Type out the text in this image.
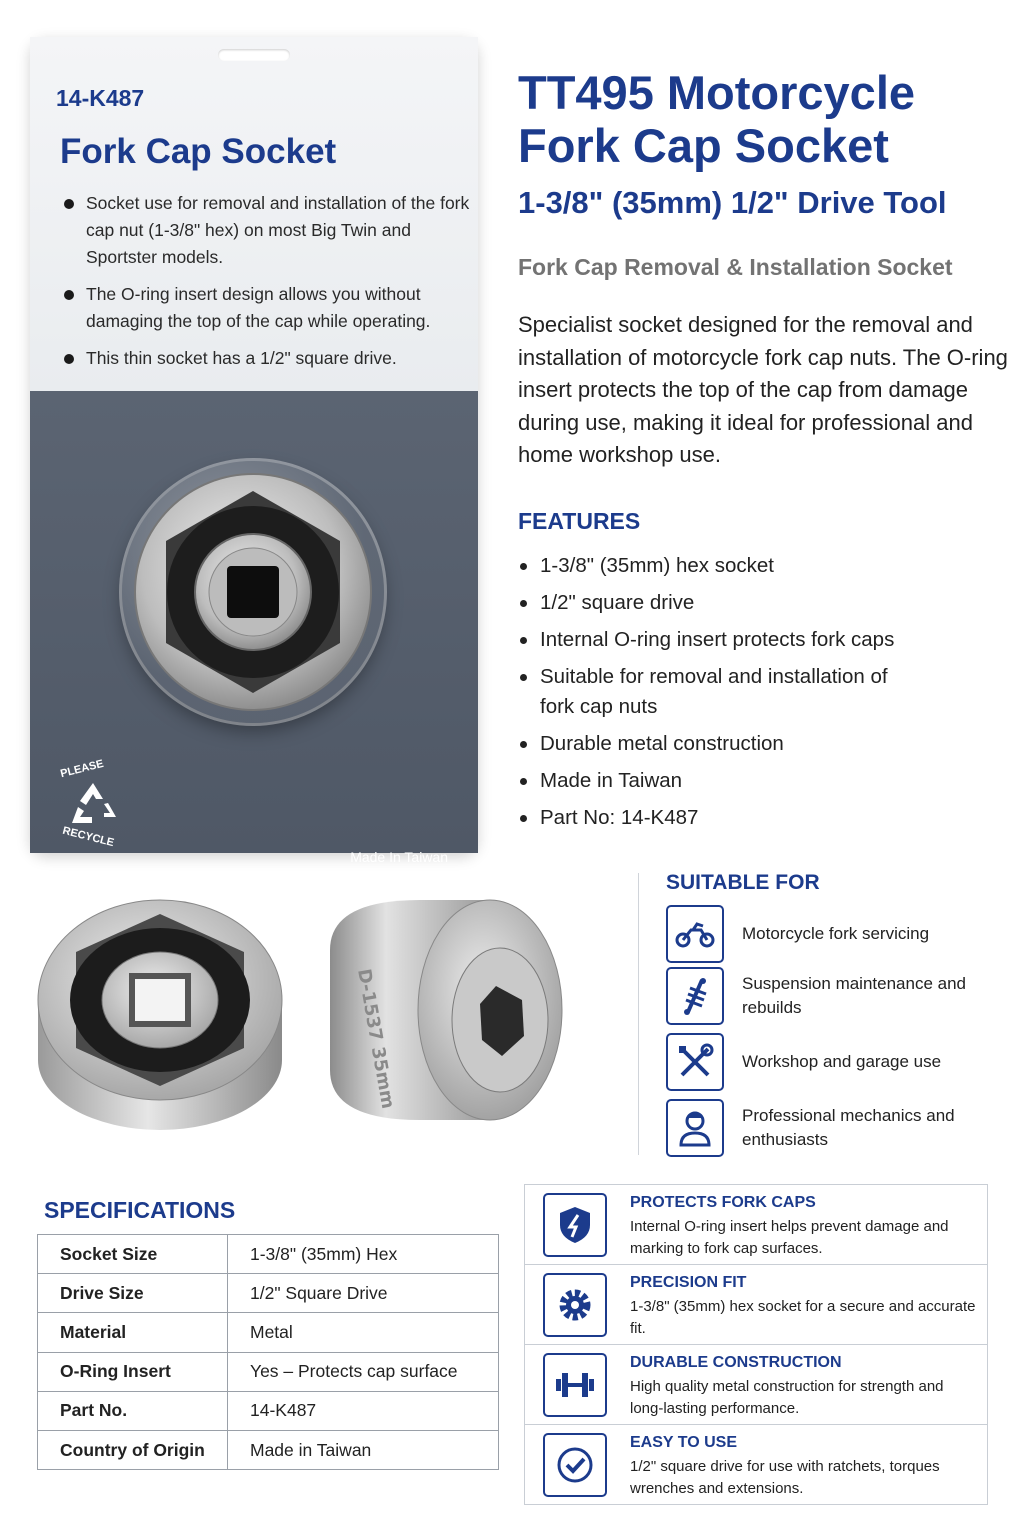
14-K487
Fork Cap Socket
Socket use for removal and installation of the fork cap nut (1-3/8" hex) on most Big Twin and Sportster models.
The O-ring insert design allows you without damaging the top of the cap while operating.
This thin socket has a 1/2" square drive.
PLEASE
RECYCLE
Made In Taiwan
TT495 Motorcycle Fork Cap Socket
1-3/8" (35mm) 1/2" Drive Tool
Fork Cap Removal & Installation Socket
Specialist socket designed for the removal and installation of motorcycle fork cap nuts. The O-ring insert protects the top of the cap from damage during use, making it ideal for professional and home workshop use.
FEATURES
1-3/8" (35mm) hex socket
1/2" square drive
Internal O-ring insert protects fork caps
Suitable for removal and installation of fork cap nuts
Durable metal construction
Made in Taiwan
Part No: 14-K487
D-1537 35mm
SUITABLE FOR
Motorcycle fork servicing
Suspension maintenance and rebuilds
Workshop and garage use
Professional mechanics and enthusiasts
SPECIFICATIONS
Socket Size	1-3/8" (35mm) Hex
Drive Size	1/2" Square Drive
Material	Metal
O-Ring Insert	Yes – Protects cap surface
Part No.	14-K487
Country of Origin	Made in Taiwan
PROTECTS FORK CAPS
Internal O-ring insert helps prevent damage and marking to fork cap surfaces.
PRECISION FIT
1-3/8" (35mm) hex socket for a secure and accurate fit.
DURABLE CONSTRUCTION
High quality metal construction for strength and long-lasting performance.
EASY TO USE
1/2" square drive for use with ratchets, torques wrenches and extensions.
